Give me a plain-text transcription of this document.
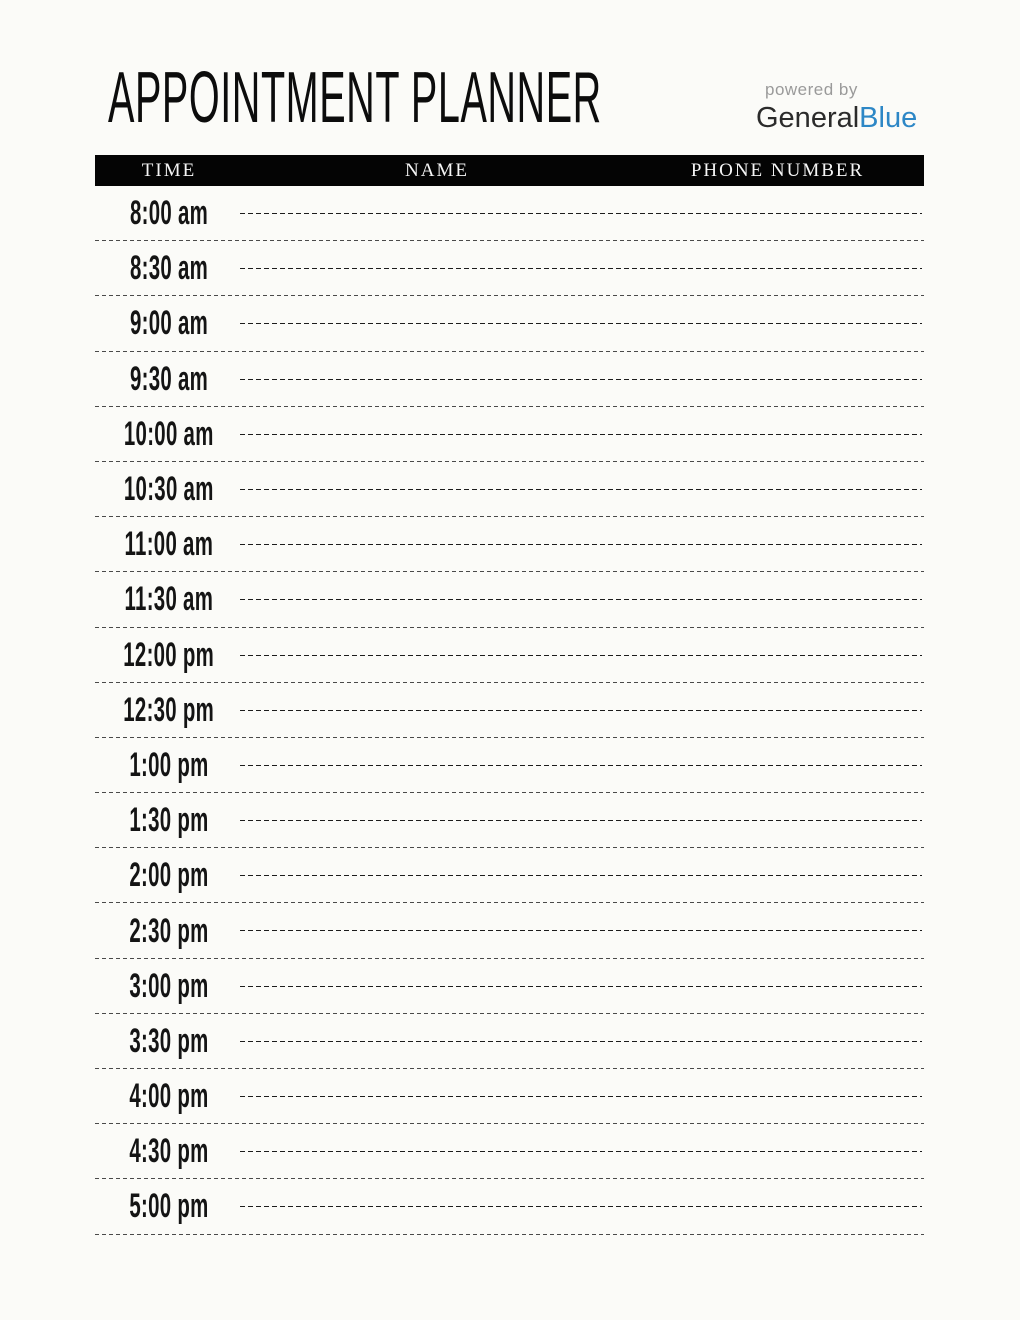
APPOINTMENT PLANNER	powered by
GeneralBlue
TIME	NAME	PHONE NUMBER
8:00 am
8:30 am
9:00 am
9:30 am
10:00 am
10:30 am
11:00 am
11:30 am
12:00 pm
12:30 pm
1:00 pm
1:30 pm
2:00 pm
2:30 pm
3:00 pm
3:30 pm
4:00 pm
4:30 pm
5:00 pm
